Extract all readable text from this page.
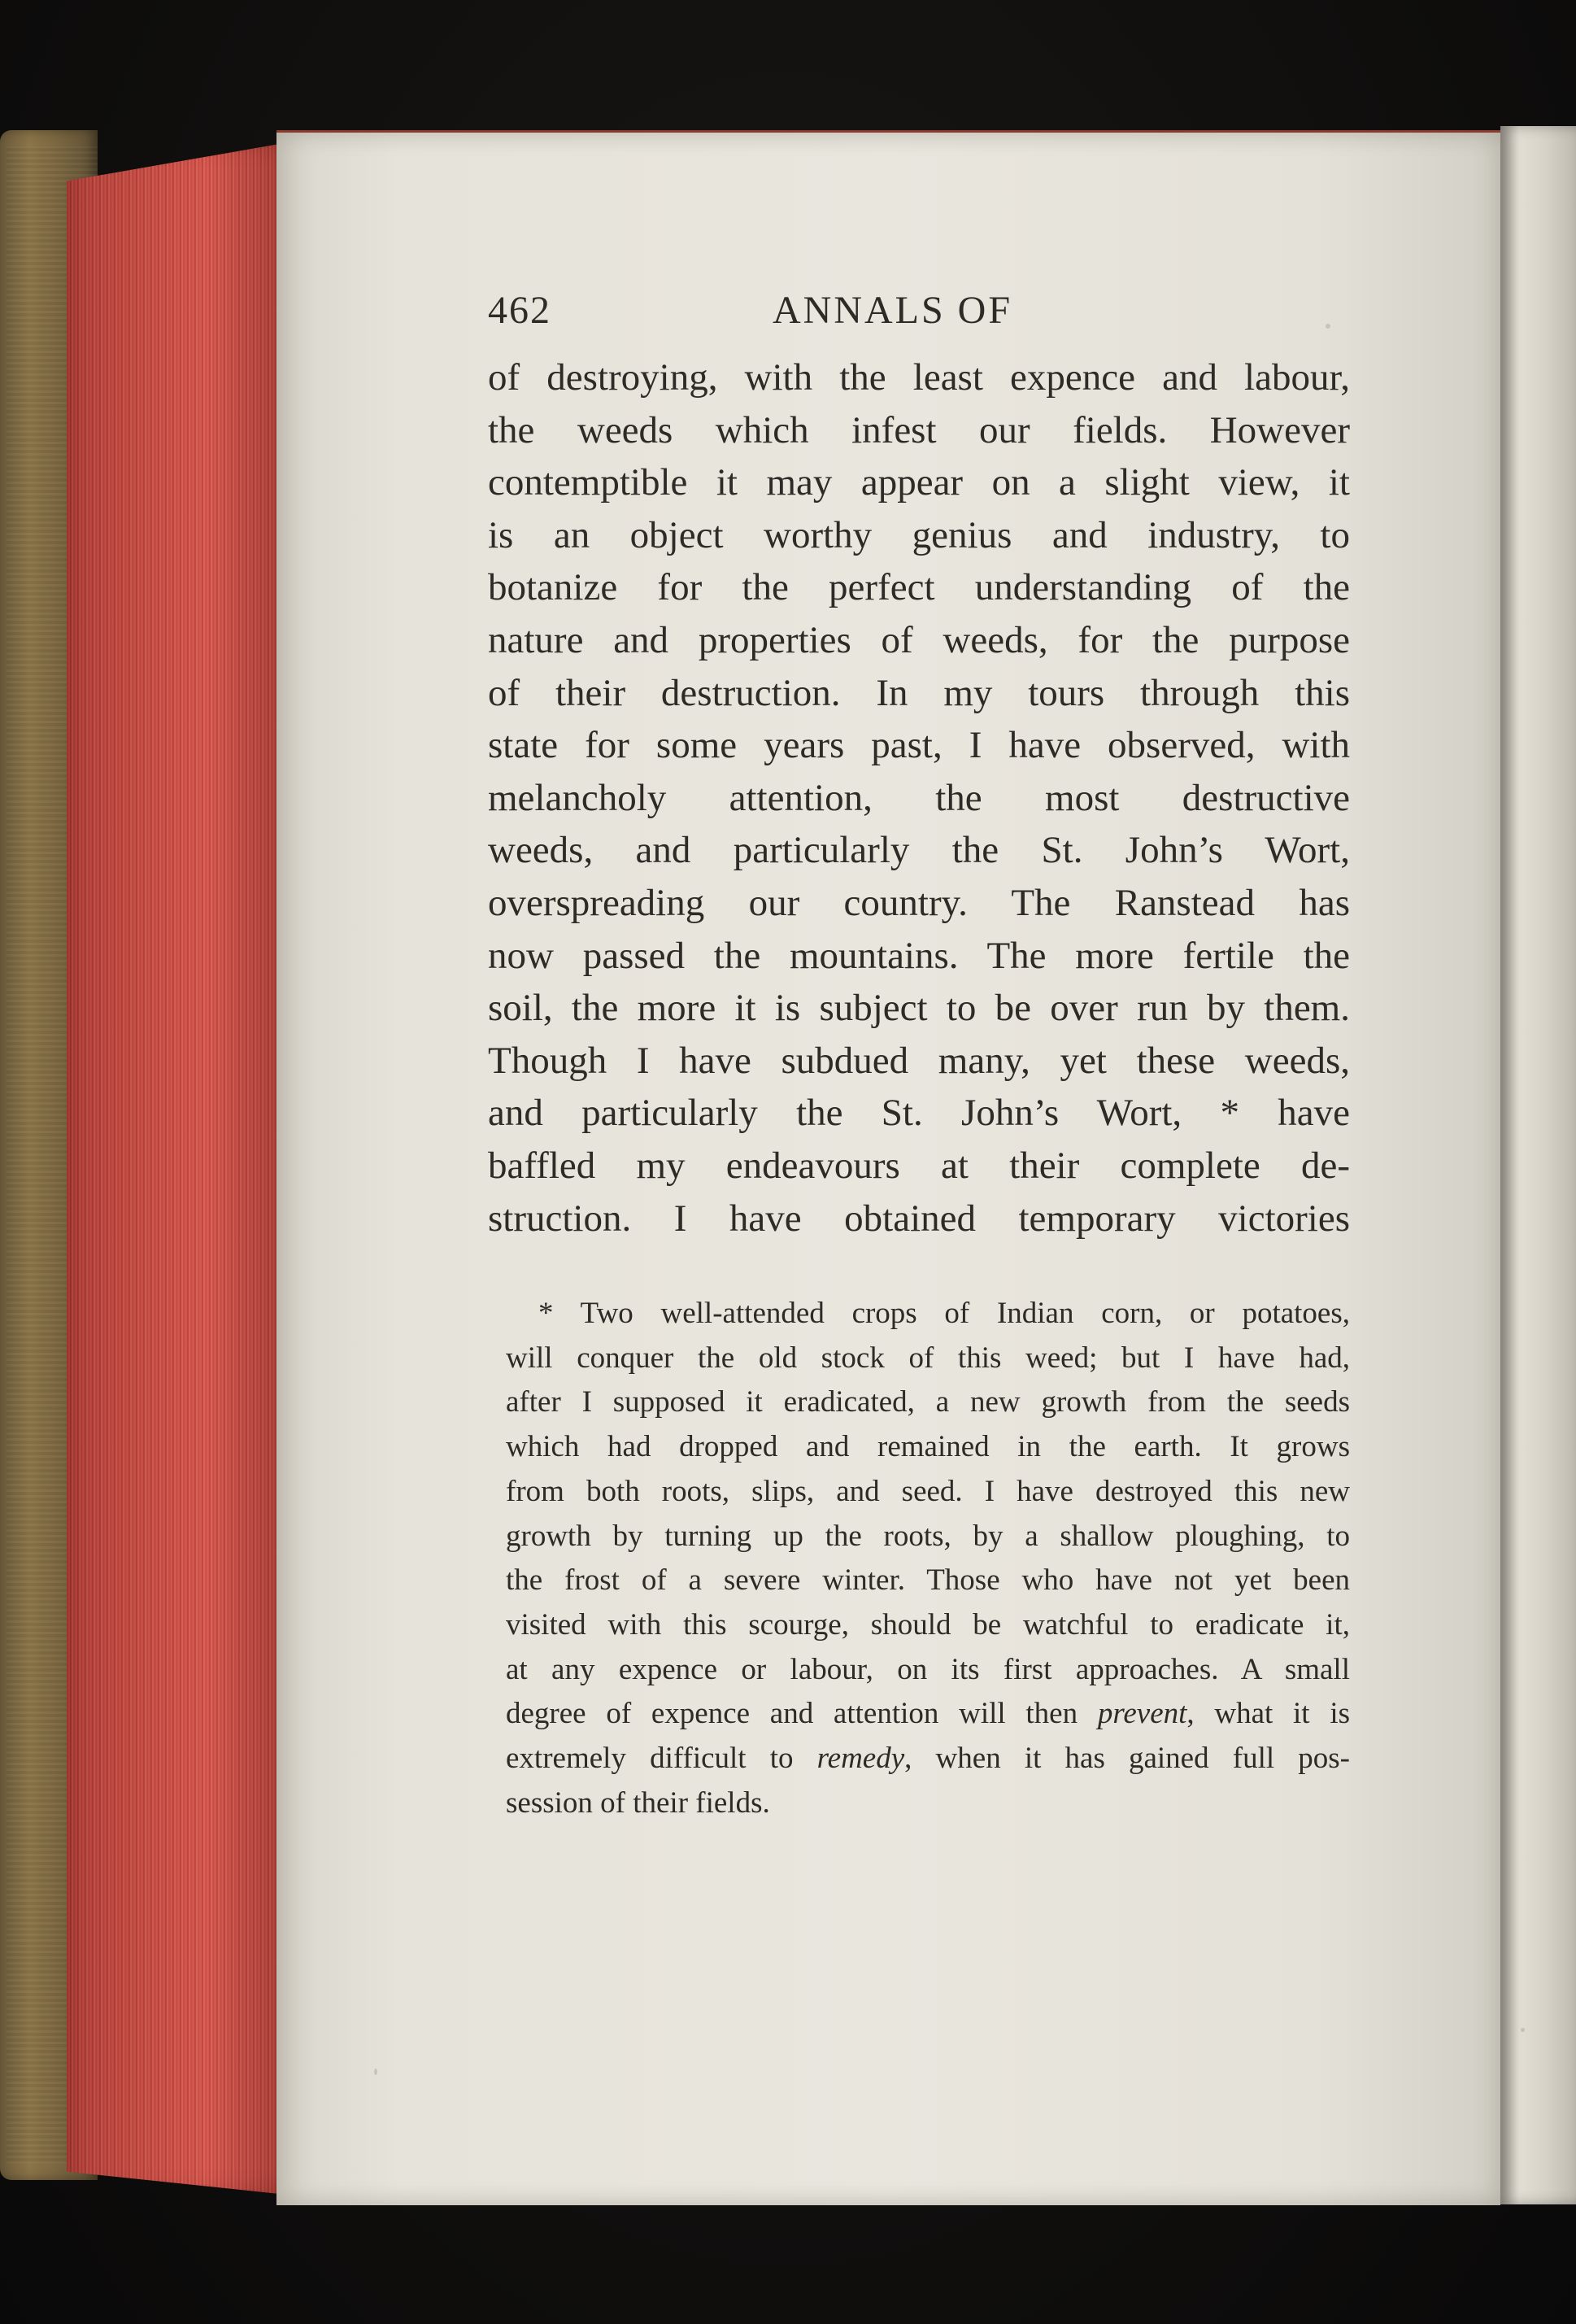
462	ANNALS OF
of destroying, with the least expence and labour,
the weeds which infest our fields. However
contemptible it may appear on a slight view, it
is an object worthy genius and industry, to
botanize for the perfect understanding of the
nature and properties of weeds, for the purpose
of their destruction. In my tours through this
state for some years past, I have observed, with
melancholy attention, the most destructive
weeds, and particularly the St. John’s Wort,
overspreading our country. The Ranstead has
now passed the mountains. The more fertile the
soil, the more it is subject to be over run by them.
Though I have subdued many, yet these weeds,
and particularly the St. John’s Wort, * have
baffled my endeavours at their complete de-
struction. I have obtained temporary victories
* Two well-attended crops of Indian corn, or potatoes,
will conquer the old stock of this weed; but I have had,
after I supposed it eradicated, a new growth from the seeds
which had dropped and remained in the earth. It grows
from both roots, slips, and seed. I have destroyed this new
growth by turning up the roots, by a shallow ploughing, to
the frost of a severe winter. Those who have not yet been
visited with this scourge, should be watchful to eradicate it,
at any expence or labour, on its first approaches. A small
degree of expence and attention will then prevent, what it is
extremely difficult to remedy, when it has gained full pos-
session of their fields.
